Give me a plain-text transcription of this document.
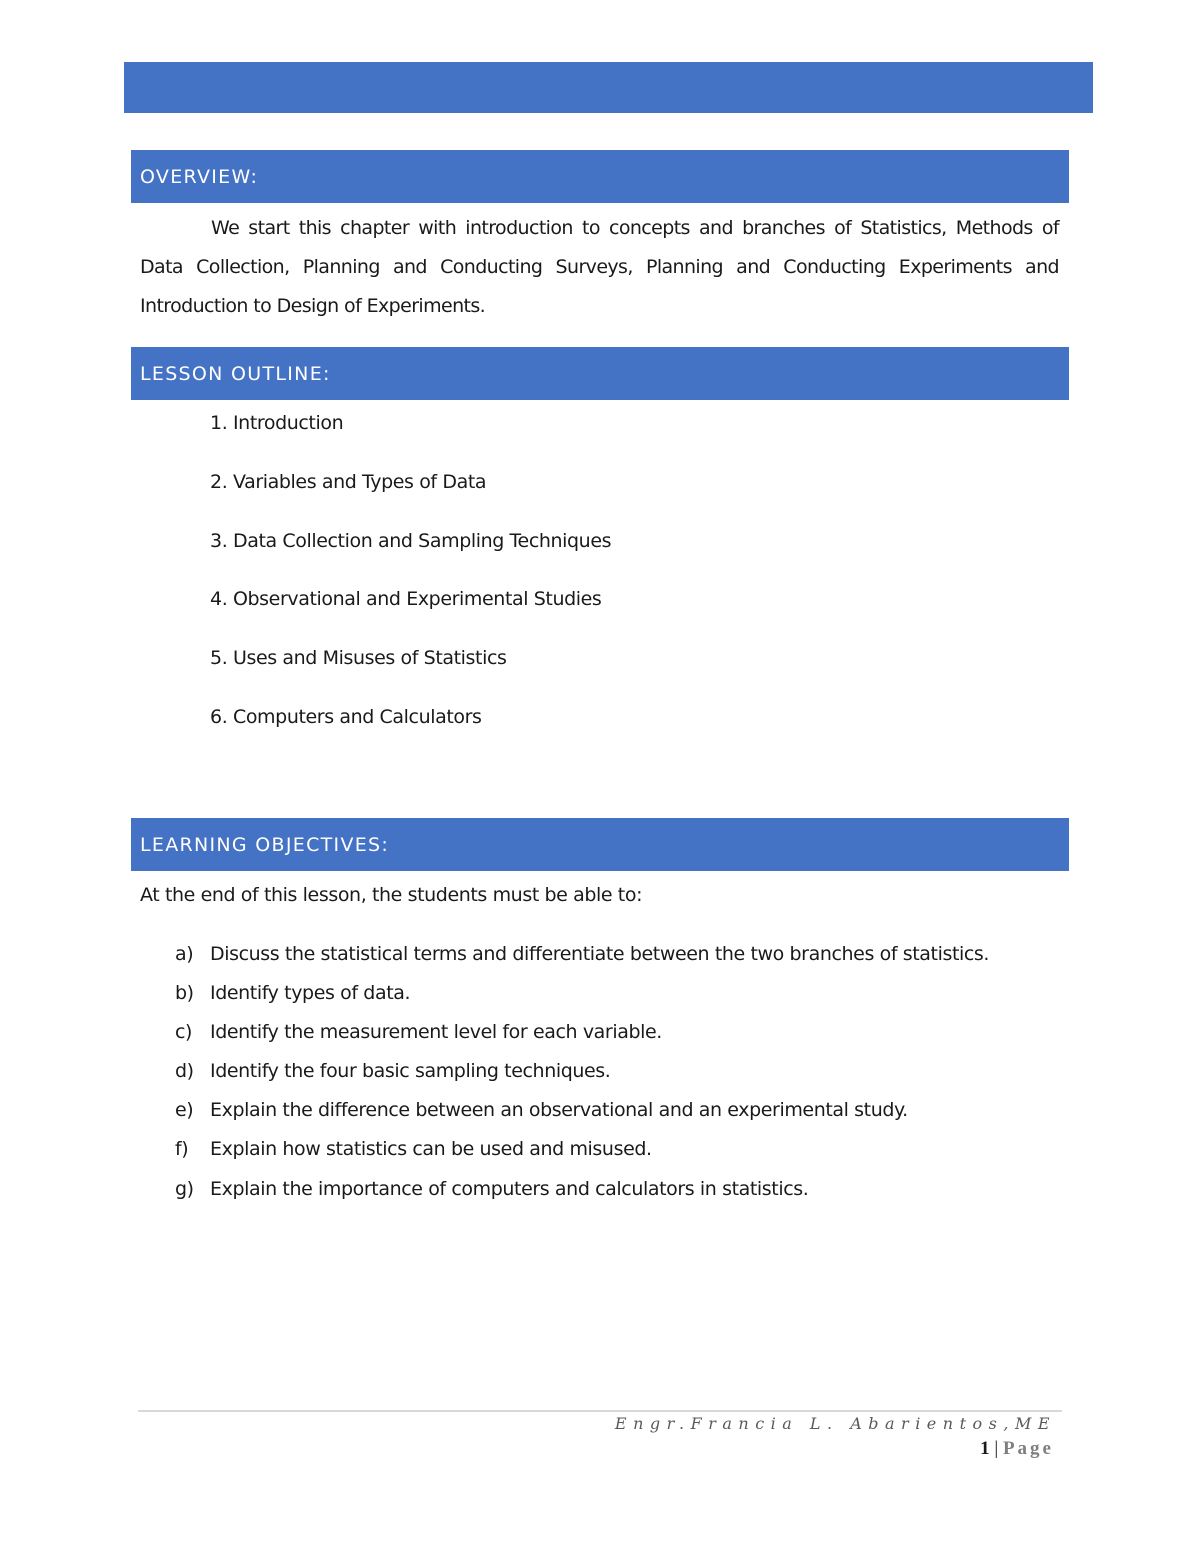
OVERVIEW:

We start this chapter with introduction to concepts and branches of Statistics, Methods of Data Collection, Planning and Conducting Surveys, Planning and Conducting Experiments and Introduction to Design of Experiments.

LESSON OUTLINE:
1. Introduction
2. Variables and Types of Data
3. Data Collection and Sampling Techniques
4. Observational and Experimental Studies
5. Uses and Misuses of Statistics
6. Computers and Calculators
LEARNING OBJECTIVES:

At the end of this lesson, the students must be able to:

a) Discuss the statistical terms and differentiate between the two branches of statistics.
b) Identify types of data.
c) Identify the measurement level for each variable.
d) Identify the four basic sampling techniques.
e) Explain the difference between an observational and an experimental study.
f)	Explain how statistics can be used and misused.
g) Explain the importance of computers and calculators in statistics.
Engr.Francia L. Abarientos,ME
1 | Page
